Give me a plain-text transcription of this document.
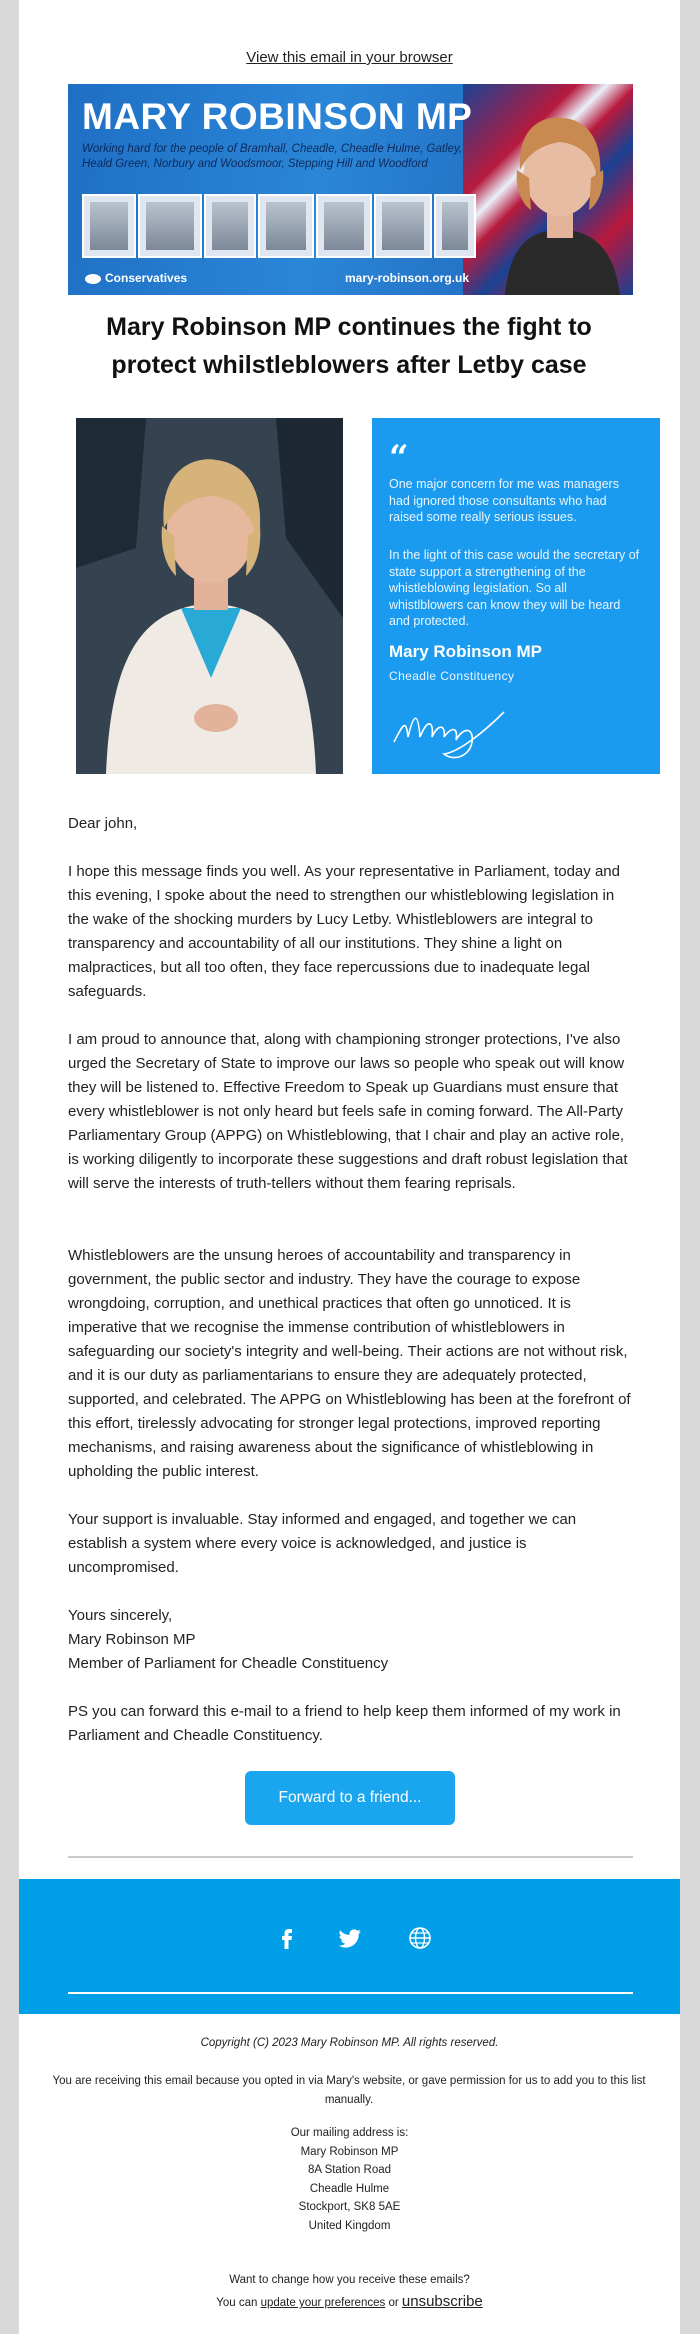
View this email in your browser
MARY ROBINSON MP
Working hard for the people of Bramhall, Cheadle, Cheadle Hulme, Gatley, Heald Green, Norbury and Woodsmoor, Stepping Hill and Woodford
Conservatives	mary-robinson.org.uk
Mary Robinson MP continues the fight to protect whilstleblowers after Letby case
“

One major concern for me was managers had ignored those consultants who had raised some really serious issues.

In the light of this case would the secretary of state support a strengthening of the whistleblowing legislation. So all whistlblowers can know they will be heard and protected.

Mary Robinson MP
Cheadle Constituency

Dear john,

I hope this message finds you well. As your representative in Parliament, today and this evening, I spoke about the need to strengthen our whistleblowing legislation in the wake of the shocking murders by Lucy Letby. Whistleblowers are integral to transparency and accountability of all our institutions. They shine a light on malpractices, but all too often, they face repercussions due to inadequate legal safeguards.

I am proud to announce that, along with championing stronger protections, I've also urged the Secretary of State to improve our laws so people who speak out will know they will be listened to. Effective Freedom to Speak up Guardians must ensure that every whistleblower is not only heard but feels safe in coming forward. The All-Party Parliamentary Group (APPG) on Whistleblowing, that I chair and play an active role, is working diligently to incorporate these suggestions and draft robust legislation that will serve the interests of truth-tellers without them fearing reprisals.

Whistleblowers are the unsung heroes of accountability and transparency in government, the public sector and industry. They have the courage to expose wrongdoing, corruption, and unethical practices that often go unnoticed. It is imperative that we recognise the immense contribution of whistleblowers in safeguarding our society's integrity and well-being. Their actions are not without risk, and it is our duty as parliamentarians to ensure they are adequately protected, supported, and celebrated. The APPG on Whistleblowing has been at the forefront of this effort, tirelessly advocating for stronger legal protections, improved reporting mechanisms, and raising awareness about the significance of whistleblowing in upholding the public interest.

Your support is invaluable. Stay informed and engaged, and together we can establish a system where every voice is acknowledged, and justice is uncompromised.

Yours sincerely,

Mary Robinson MP

Member of Parliament for Cheadle Constituency

PS you can forward this e-mail to a friend to help keep them informed of my work in Parliament and Cheadle Constituency.

Forward to a friend...
Copyright (C) 2023 Mary Robinson MP. All rights reserved.
You are receiving this email because you opted in via Mary's website, or gave permission for us to add you to this list manually.
Our mailing address is:
Mary Robinson MP
8A Station Road
Cheadle Hulme
Stockport, SK8 5AE
United Kingdom
Want to change how you receive these emails?
You can update your preferences or unsubscribe
